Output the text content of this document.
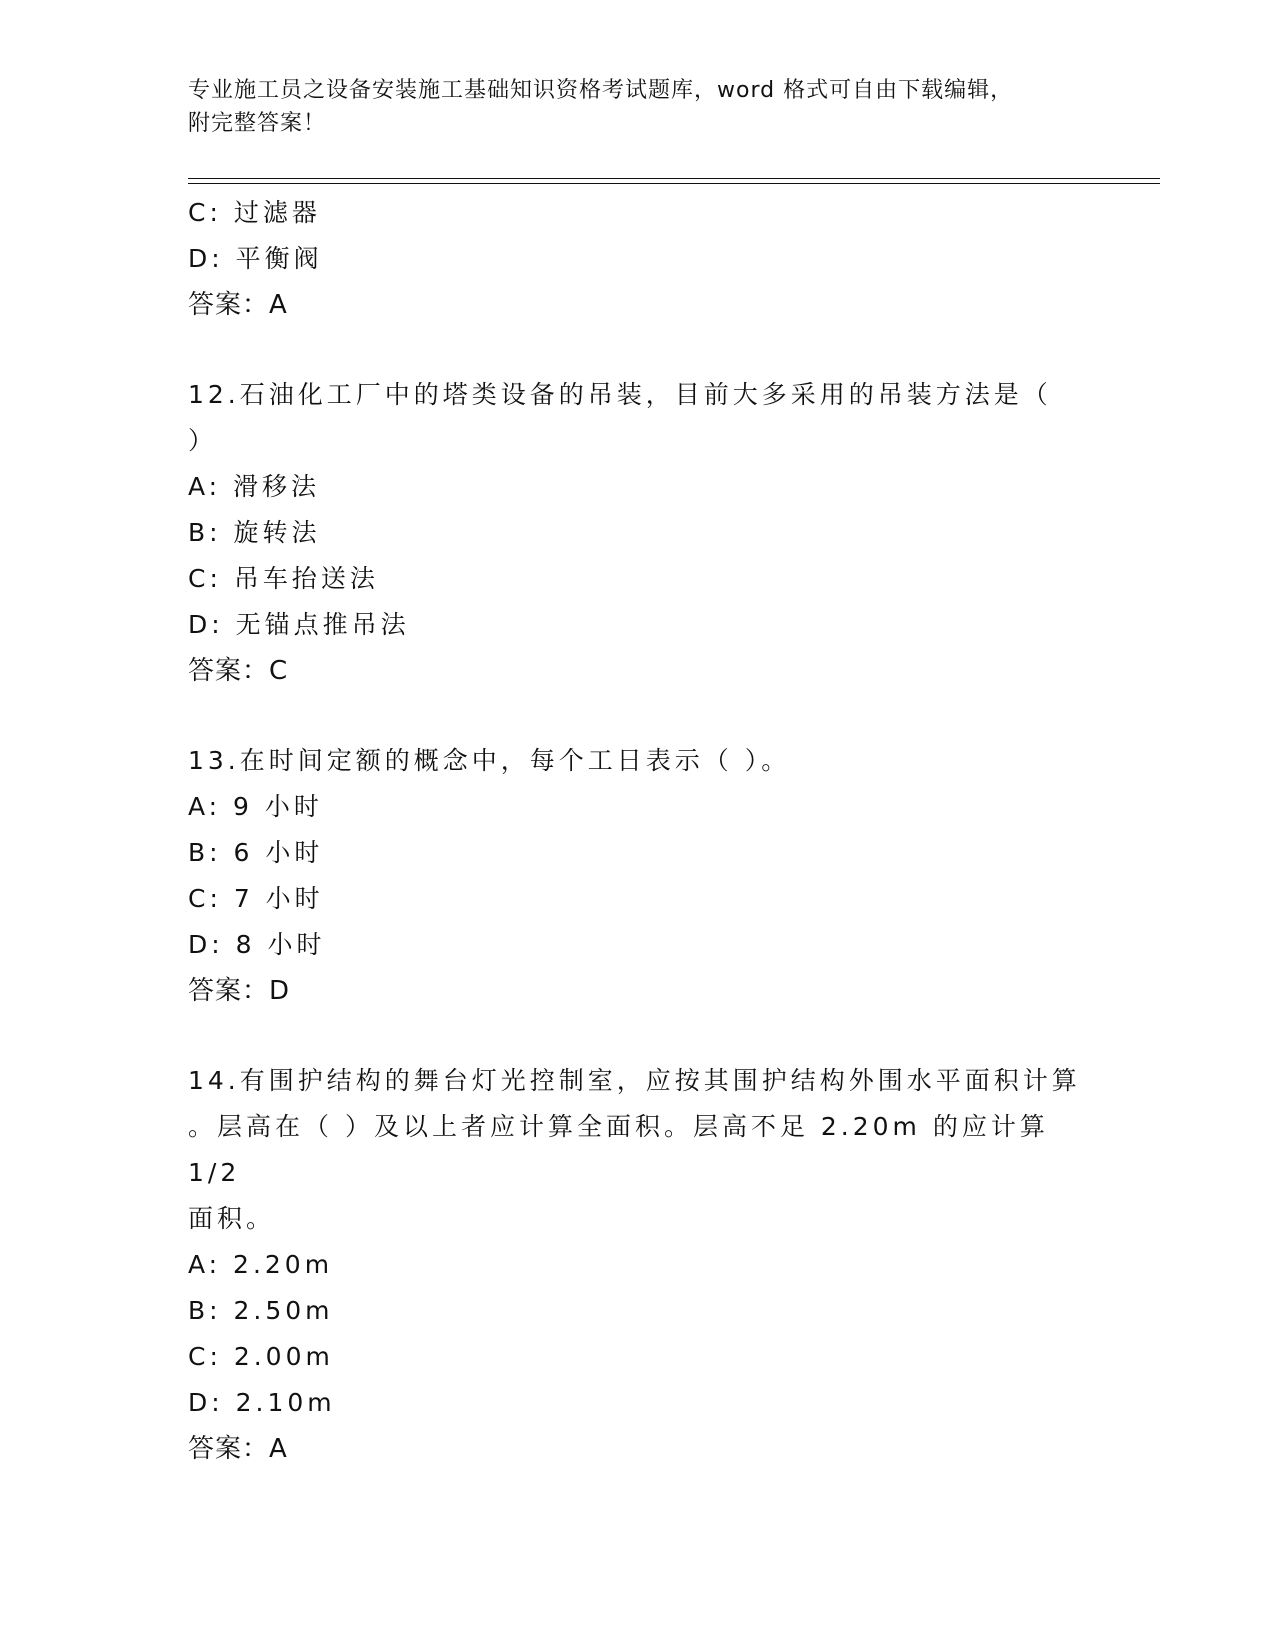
专业施工员之设备安装施工基础知识资格考试题库，word 格式可自由下载编辑，
附完整答案！
C: 过滤器
D: 平衡阀
答案：A
12.石油化工厂中的塔类设备的吊装，目前大多采用的吊装方法是（
）
A: 滑移法
B: 旋转法
C: 吊车抬送法
D: 无锚点推吊法
答案：C
13.在时间定额的概念中，每个工日表示（ ）。
A: 9 小时
B: 6 小时
C: 7 小时
D: 8 小时
答案：D
14.有围护结构的舞台灯光控制室，应按其围护结构外围水平面积计算
。层高在（ ）及以上者应计算全面积。层高不足 2.20m 的应计算 1/2
面积。
A: 2.20m
B: 2.50m
C: 2.00m
D: 2.10m
答案：A
